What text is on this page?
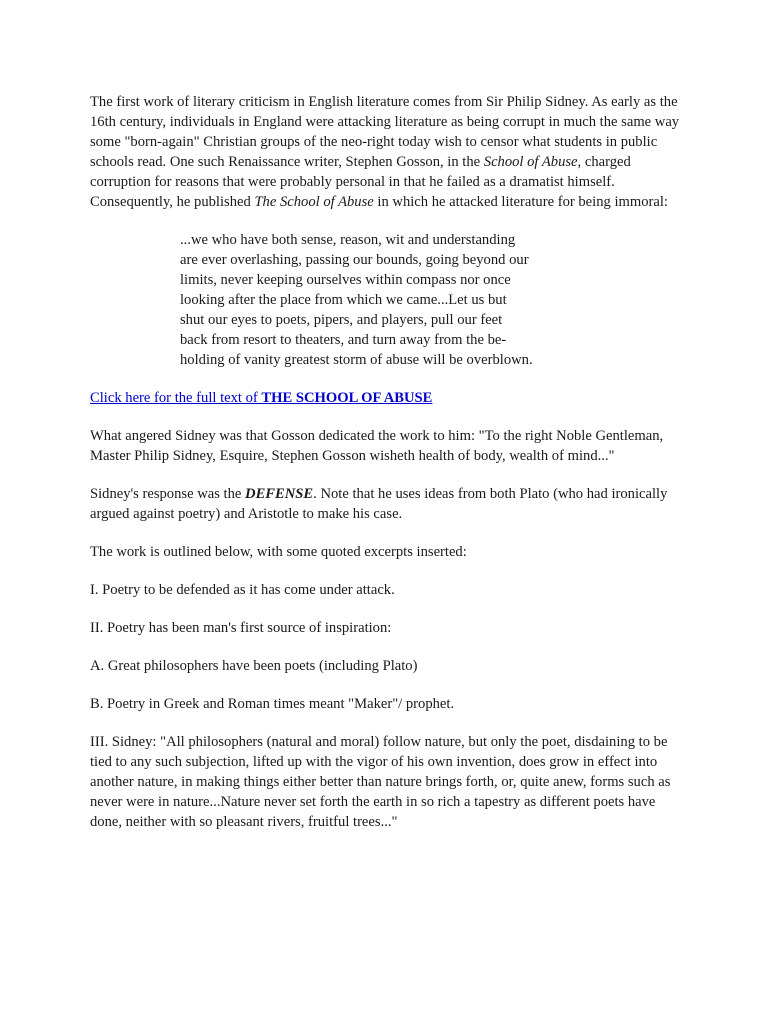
The first work of literary criticism in English literature comes from Sir Philip Sidney. As early as the 16th century, individuals in England were attacking literature as being corrupt in much the same way some "born-again" Christian groups of the neo-right today wish to censor what students in public schools read. One such Renaissance writer, Stephen Gosson, in the School of Abuse, charged corruption for reasons that were probably personal in that he failed as a dramatist himself. Consequently, he published The School of Abuse in which he attacked literature for being immoral:

...we who have both sense, reason, wit and understanding
are ever overlashing, passing our bounds, going beyond our
limits, never keeping ourselves within compass nor once
looking after the place from which we came...Let us but
shut our eyes to poets, pipers, and players, pull our feet
back from resort to theaters, and turn away from the be-
holding of vanity greatest storm of abuse will be overblown.

Click here for the full text of THE SCHOOL OF ABUSE

What angered Sidney was that Gosson dedicated the work to him: "To the right Noble Gentleman, Master Philip Sidney, Esquire, Stephen Gosson wisheth health of body, wealth of mind..."

Sidney's response was the DEFENSE. Note that he uses ideas from both Plato (who had ironically argued against poetry) and Aristotle to make his case.

The work is outlined below, with some quoted excerpts inserted:

I. Poetry to be defended as it has come under attack.

II. Poetry has been man's first source of inspiration:

A. Great philosophers have been poets (including Plato)

B. Poetry in Greek and Roman times meant "Maker"/ prophet.

III. Sidney: "All philosophers (natural and moral) follow nature, but only the poet, disdaining to be tied to any such subjection, lifted up with the vigor of his own invention, does grow in effect into another nature, in making things either better than nature brings forth, or, quite anew, forms such as never were in nature...Nature never set forth the earth in so rich a tapestry as different poets have done, neither with so pleasant rivers, fruitful trees..."
